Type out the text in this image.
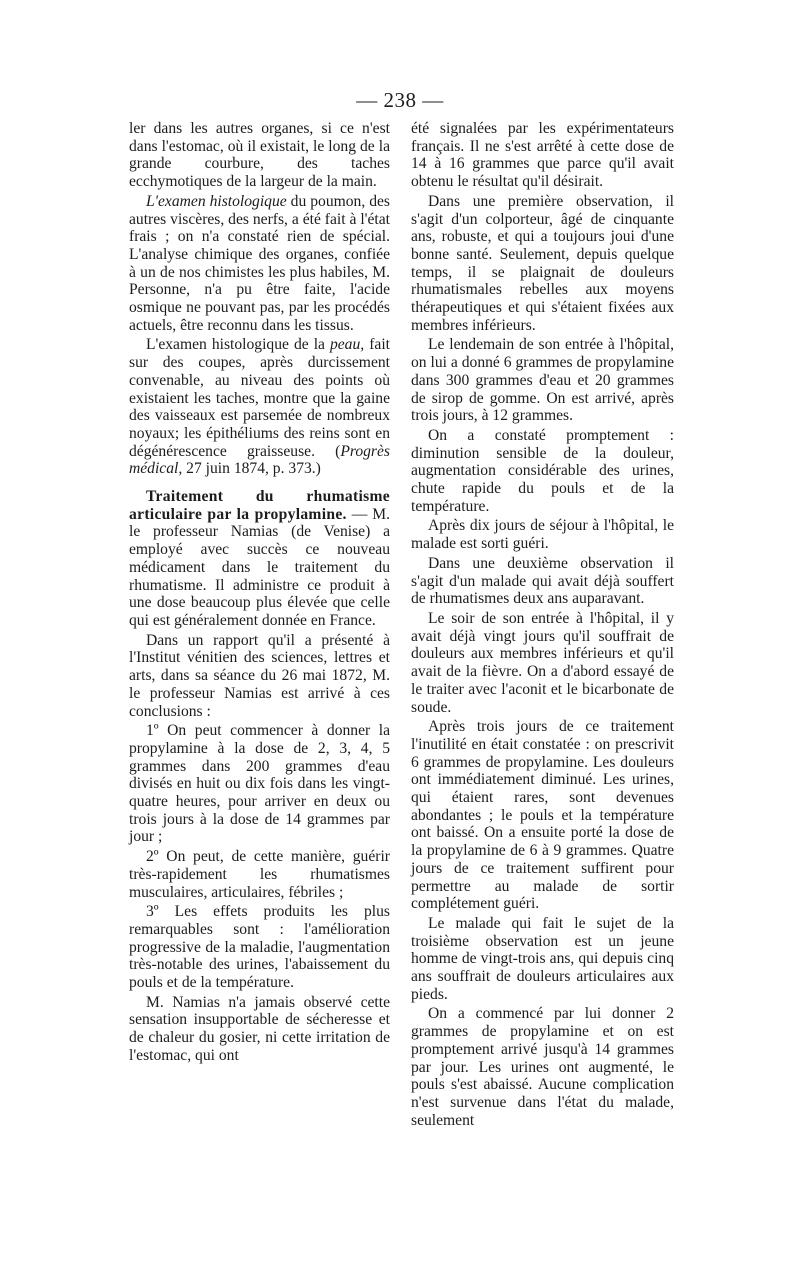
— 238 —

ler dans les autres organes, si ce n'est dans l'estomac, où il existait, le long de la grande courbure, des taches ecchymotiques de la largeur de la main.

L'examen histologique du poumon, des autres viscères, des nerfs, a été fait à l'état frais ; on n'a constaté rien de spécial. L'analyse chimique des organes, confiée à un de nos chimistes les plus habiles, M. Personne, n'a pu être faite, l'acide osmique ne pouvant pas, par les procédés actuels, être reconnu dans les tissus.

L'examen histologique de la peau, fait sur des coupes, après durcissement convenable, au niveau des points où existaient les taches, montre que la gaine des vaisseaux est parsemée de nombreux noyaux; les épithéliums des reins sont en dégénérescence graisseuse. (Progrès médical, 27 juin 1874, p. 373.)

Traitement du rhumatisme articulaire par la propylamine. — M. le professeur Namias (de Venise) a employé avec succès ce nouveau médicament dans le traitement du rhumatisme. Il administre ce produit à une dose beaucoup plus élevée que celle qui est généralement donnée en France.

Dans un rapport qu'il a présenté à l'Institut vénitien des sciences, lettres et arts, dans sa séance du 26 mai 1872, M. le professeur Namias est arrivé à ces conclusions :

1º On peut commencer à donner la propylamine à la dose de 2, 3, 4, 5 grammes dans 200 grammes d'eau divisés en huit ou dix fois dans les vingt-quatre heures, pour arriver en deux ou trois jours à la dose de 14 grammes par jour ;

2º On peut, de cette manière, guérir très-rapidement les rhumatismes musculaires, articulaires, fébriles ;

3º Les effets produits les plus remarquables sont : l'amélioration progressive de la maladie, l'augmentation très-notable des urines, l'abaissement du pouls et de la température.

M. Namias n'a jamais observé cette sensation insupportable de sécheresse et de chaleur du gosier, ni cette irritation de l'estomac, qui ont

été signalées par les expérimentateurs français. Il ne s'est arrêté à cette dose de 14 à 16 grammes que parce qu'il avait obtenu le résultat qu'il désirait.

Dans une première observation, il s'agit d'un colporteur, âgé de cinquante ans, robuste, et qui a toujours joui d'une bonne santé. Seulement, depuis quelque temps, il se plaignait de douleurs rhumatismales rebelles aux moyens thérapeutiques et qui s'étaient fixées aux membres inférieurs.

Le lendemain de son entrée à l'hôpital, on lui a donné 6 grammes de propylamine dans 300 grammes d'eau et 20 grammes de sirop de gomme. On est arrivé, après trois jours, à 12 grammes.

On a constaté promptement : diminution sensible de la douleur, augmentation considérable des urines, chute rapide du pouls et de la température.

Après dix jours de séjour à l'hôpital, le malade est sorti guéri.

Dans une deuxième observation il s'agit d'un malade qui avait déjà souffert de rhumatismes deux ans auparavant.

Le soir de son entrée à l'hôpital, il y avait déjà vingt jours qu'il souffrait de douleurs aux membres inférieurs et qu'il avait de la fièvre. On a d'abord essayé de le traiter avec l'aconit et le bicarbonate de soude.

Après trois jours de ce traitement l'inutilité en était constatée : on prescrivit 6 grammes de propylamine. Les douleurs ont immédiatement diminué. Les urines, qui étaient rares, sont devenues abondantes ; le pouls et la température ont baissé. On a ensuite porté la dose de la propylamine de 6 à 9 grammes. Quatre jours de ce traitement suffirent pour permettre au malade de sortir complétement guéri.

Le malade qui fait le sujet de la troisième observation est un jeune homme de vingt-trois ans, qui depuis cinq ans souffrait de douleurs articulaires aux pieds.

On a commencé par lui donner 2 grammes de propylamine et on est promptement arrivé jusqu'à 14 grammes par jour. Les urines ont augmenté, le pouls s'est abaissé. Aucune complication n'est survenue dans l'état du malade, seulement
